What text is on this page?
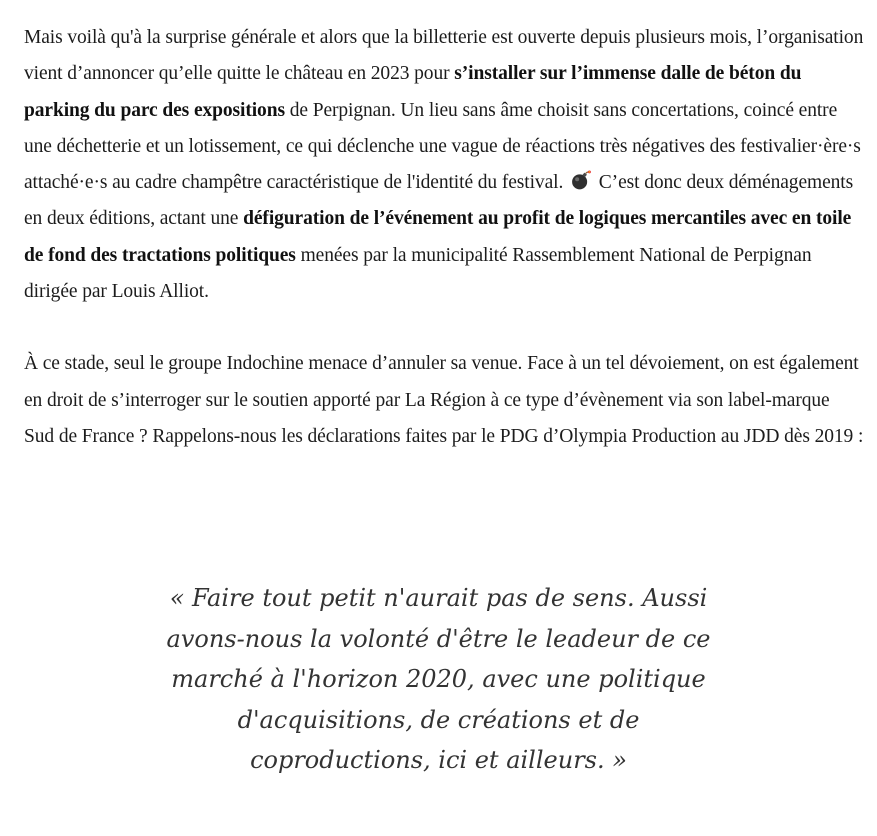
Mais voilà qu'à la surprise générale et alors que la billetterie est ouverte depuis plusieurs mois, l’organisation vient d’annoncer qu’elle quitte le château en 2023 pour s’installer sur l’immense dalle de béton du parking du parc des expositions de Perpignan. Un lieu sans âme choisit sans concertations, coincé entre une déchetterie et un lotissement, ce qui déclenche une vague de réactions très négatives des festivalier·ère·s attaché·e·s au cadre champêtre caractéristique de l'identité du festival.  C’est donc deux déménagements en deux éditions, actant une défiguration de l’événement au profit de logiques mercantiles avec en toile de fond des tractations politiques menées par la municipalité Rassemblement National de Perpignan dirigée par Louis Alliot.

À ce stade, seul le groupe Indochine menace d’annuler sa venue. Face à un tel dévoiement, on est également en droit de s’interroger sur le soutien apporté par La Région à ce type d’évènement via son label-marque Sud de France ? Rappelons-nous les déclarations faites par le PDG d’Olympia Production au JDD dès 2019 :

« Faire tout petit n'aurait pas de sens. Aussi avons-nous la volonté d'être le leadeur de ce marché à l'horizon 2020, avec une politique d'acquisitions, de créations et de coproductions, ici et ailleurs. »
